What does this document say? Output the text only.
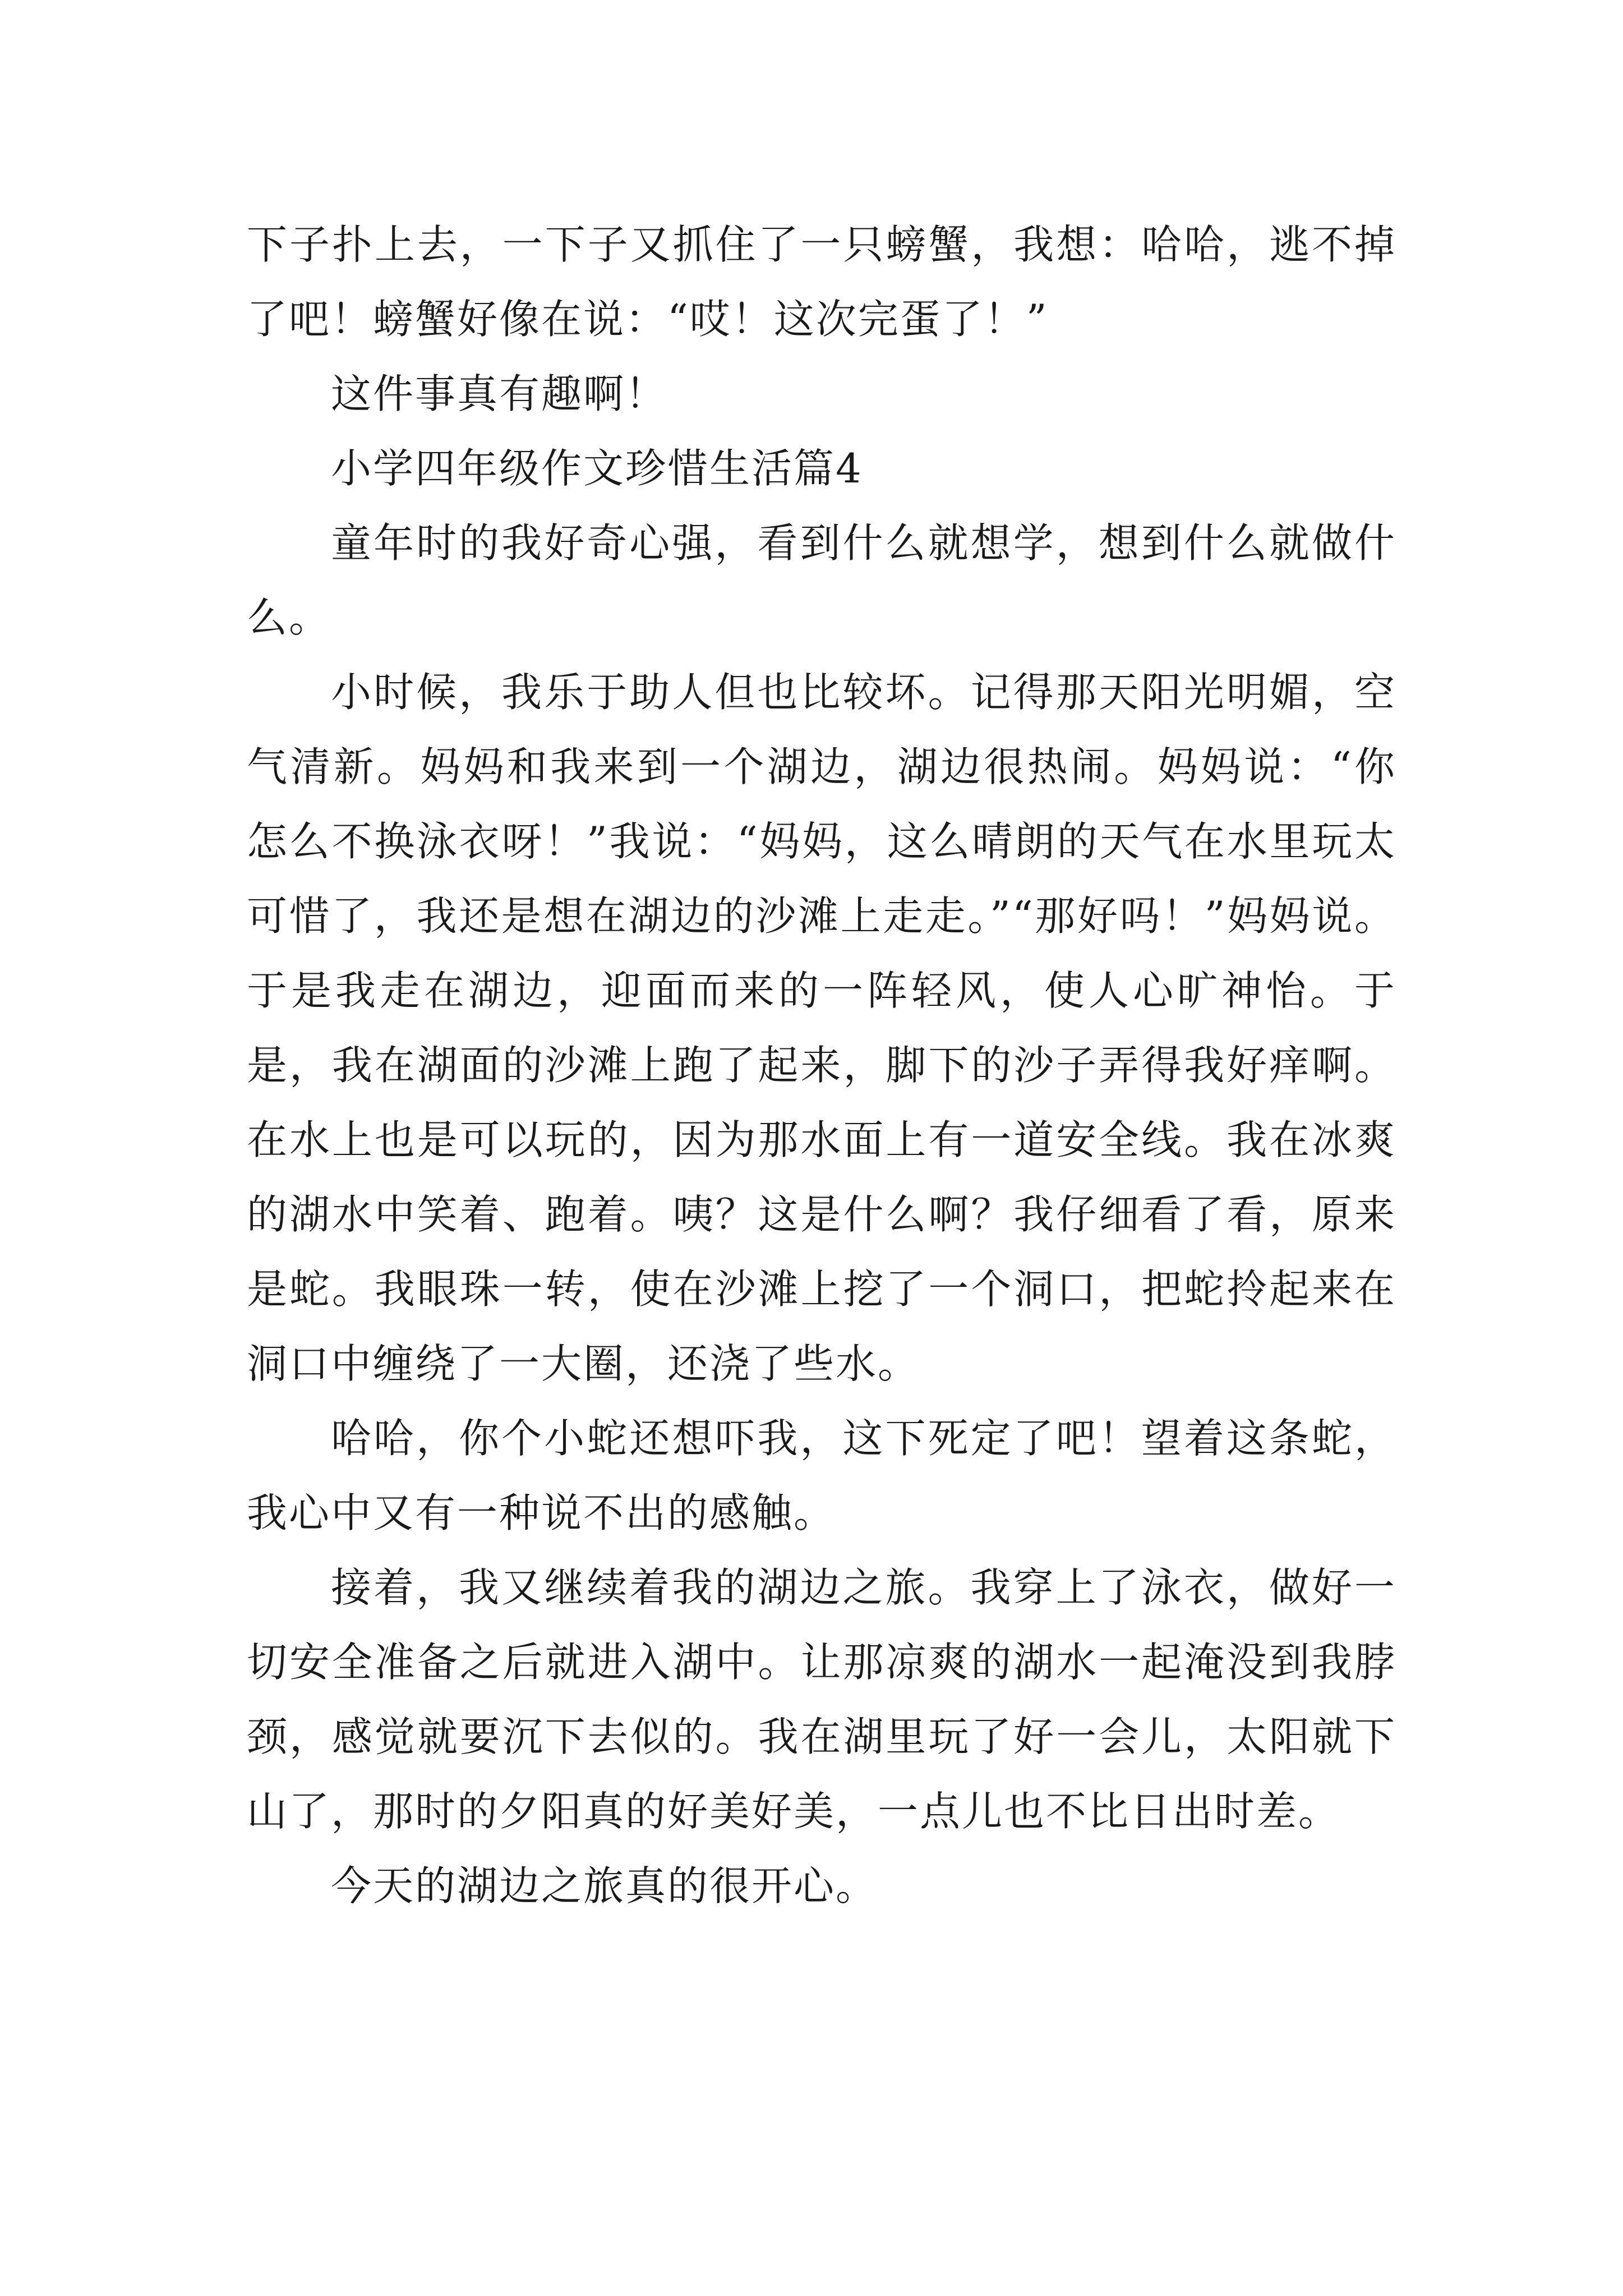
下子扑上去，一下子又抓住了一只螃蟹，我想：哈哈，逃不掉了吧！螃蟹好像在说：“哎！这次完蛋了！”

这件事真有趣啊！

小学四年级作文珍惜生活篇4

童年时的我好奇心强，看到什么就想学，想到什么就做什么。

小时候，我乐于助人但也比较坏。记得那天阳光明媚，空气清新。妈妈和我来到一个湖边，湖边很热闹。妈妈说：“你怎么不换泳衣呀！”我说：“妈妈，这么晴朗的天气在水里玩太可惜了，我还是想在湖边的沙滩上走走。”“那好吗！”妈妈说。于是我走在湖边，迎面而来的一阵轻风，使人心旷神怡。于是，我在湖面的沙滩上跑了起来，脚下的沙子弄得我好痒啊。在水上也是可以玩的，因为那水面上有一道安全线。我在冰爽的湖水中笑着、跑着。咦？这是什么啊？我仔细看了看，原来是蛇。我眼珠一转，使在沙滩上挖了一个洞口，把蛇拎起来在洞口中缠绕了一大圈，还浇了些水。

哈哈，你个小蛇还想吓我，这下死定了吧！望着这条蛇，我心中又有一种说不出的感触。

接着，我又继续着我的湖边之旅。我穿上了泳衣，做好一切安全准备之后就进入湖中。让那凉爽的湖水一起淹没到我脖颈，感觉就要沉下去似的。我在湖里玩了好一会儿，太阳就下山了，那时的夕阳真的好美好美，一点儿也不比日出时差。

今天的湖边之旅真的很开心。
